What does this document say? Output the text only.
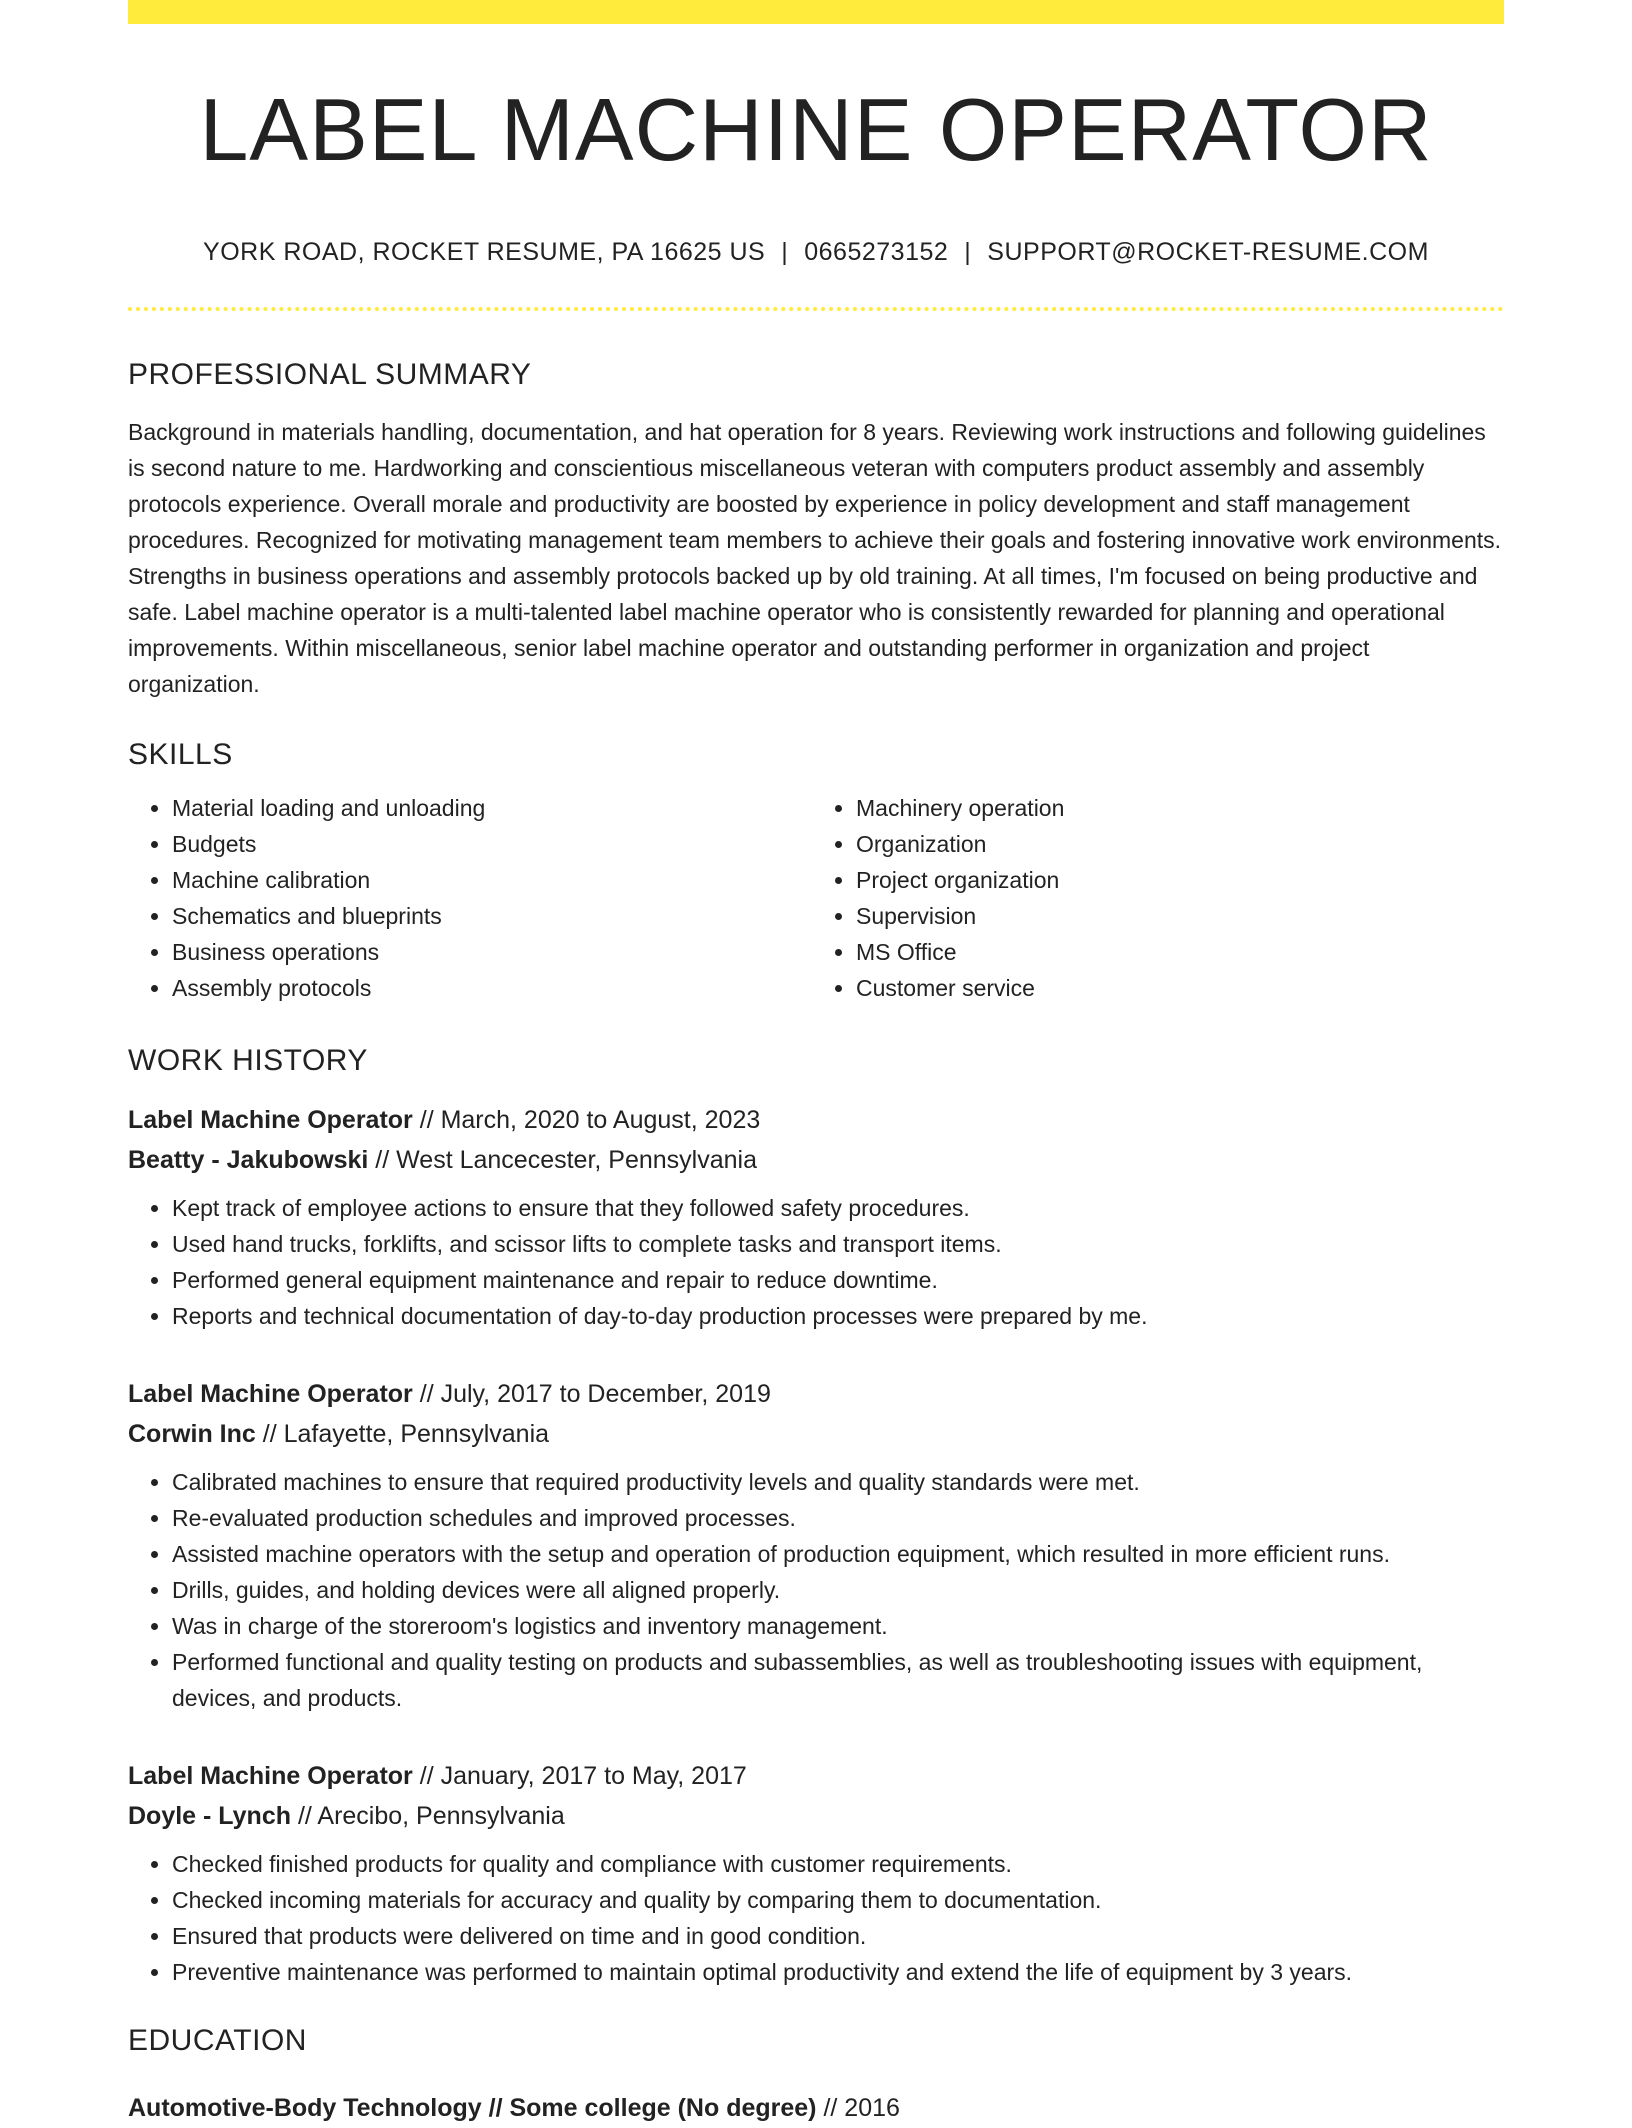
LABEL MACHINE OPERATOR
YORK ROAD, ROCKET RESUME, PA 16625 US | 0665273152 | SUPPORT@ROCKET-RESUME.COM
PROFESSIONAL SUMMARY

Background in materials handling, documentation, and hat operation for 8 years. Reviewing work instructions and following guidelines is second nature to me. Hardworking and conscientious miscellaneous veteran with computers product assembly and assembly protocols experience. Overall morale and productivity are boosted by experience in policy development and staff management procedures. Recognized for motivating management team members to achieve their goals and fostering innovative work environments. Strengths in business operations and assembly protocols backed up by old training. At all times, I'm focused on being productive and safe. Label machine operator is a multi-talented label machine operator who is consistently rewarded for planning and operational improvements. Within miscellaneous, senior label machine operator and outstanding performer in organization and project organization.

SKILLS
• Material loading and unloading
• Budgets
• Machine calibration
• Schematics and blueprints
• Business operations
• Assembly protocols
• Machinery operation
• Organization
• Project organization
• Supervision
• MS Office
• Customer service
WORK HISTORY
Label Machine Operator // March, 2020 to August, 2023
Beatty - Jakubowski // West Lancecester, Pennsylvania
• Kept track of employee actions to ensure that they followed safety procedures.
• Used hand trucks, forklifts, and scissor lifts to complete tasks and transport items.
• Performed general equipment maintenance and repair to reduce downtime.
• Reports and technical documentation of day-to-day production processes were prepared by me.
Label Machine Operator // July, 2017 to December, 2019
Corwin Inc // Lafayette, Pennsylvania
• Calibrated machines to ensure that required productivity levels and quality standards were met.
• Re-evaluated production schedules and improved processes.
• Assisted machine operators with the setup and operation of production equipment, which resulted in more efficient runs.
• Drills, guides, and holding devices were all aligned properly.
• Was in charge of the storeroom's logistics and inventory management.
• Performed functional and quality testing on products and subassemblies, as well as troubleshooting issues with equipment, devices, and products.
Label Machine Operator // January, 2017 to May, 2017
Doyle - Lynch // Arecibo, Pennsylvania
• Checked finished products for quality and compliance with customer requirements.
• Checked incoming materials for accuracy and quality by comparing them to documentation.
• Ensured that products were delivered on time and in good condition.
• Preventive maintenance was performed to maintain optimal productivity and extend the life of equipment by 3 years.
EDUCATION
Automotive-Body Technology // Some college (No degree) // 2016
